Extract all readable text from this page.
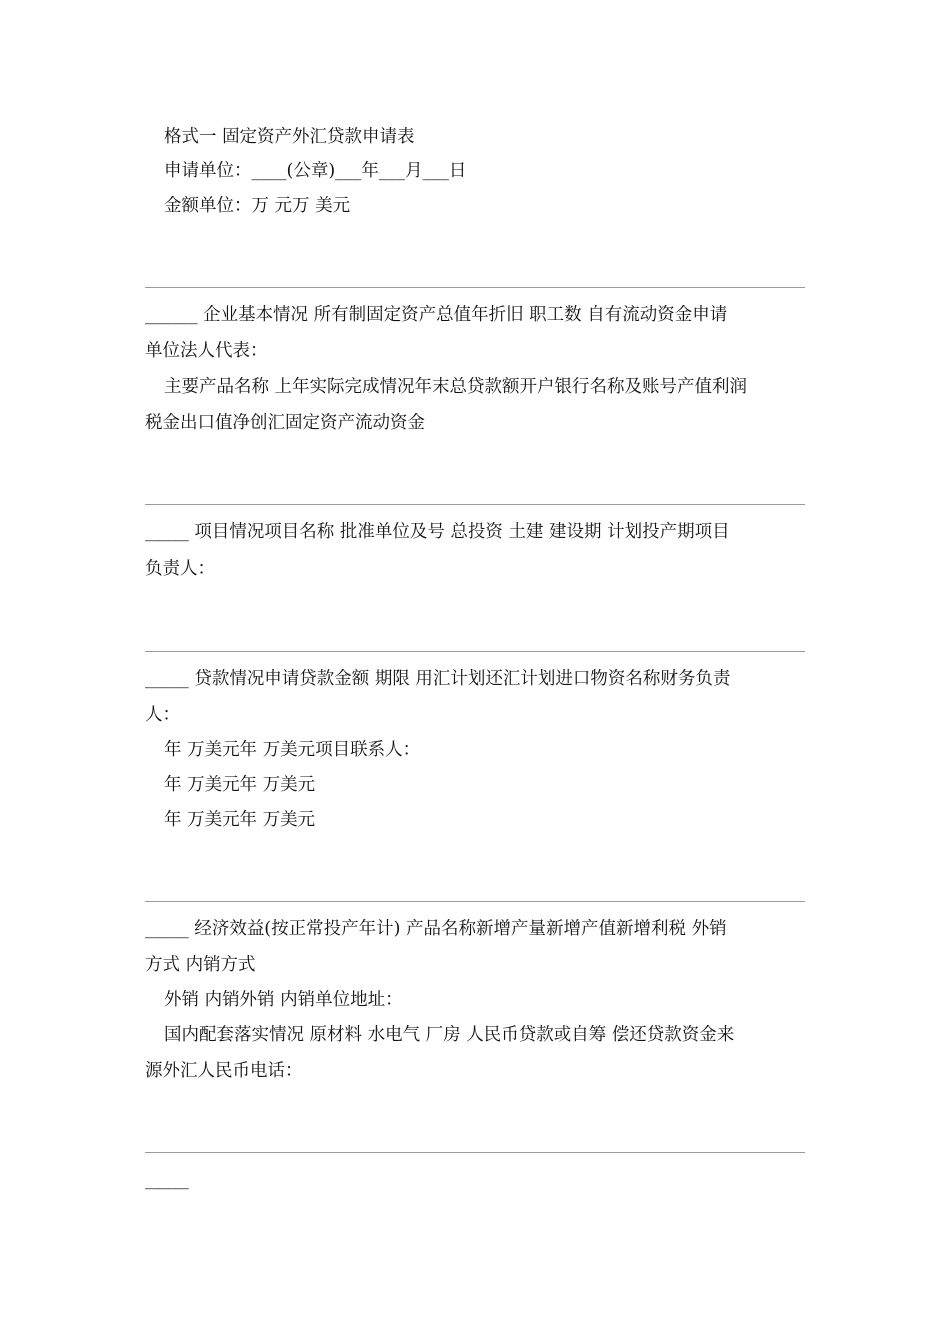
格式一 固定资产外汇贷款申请表
申请单位：____(公章)___年___月___日
金额单位：万 元万 美元
______ 企业基本情况 所有制固定资产总值年折旧 职工数 自有流动资金申请
单位法人代表：
主要产品名称 上年实际完成情况年末总贷款额开户银行名称及账号产值利润
税金出口值净创汇固定资产流动资金
_____ 项目情况项目名称 批准单位及号 总投资 土建 建设期 计划投产期项目
负责人：
_____ 贷款情况申请贷款金额 期限 用汇计划还汇计划进口物资名称财务负责
人：
年 万美元年 万美元项目联系人：
年 万美元年 万美元
年 万美元年 万美元
_____ 经济效益(按正常投产年计) 产品名称新增产量新增产值新增利税 外销
方式 内销方式
外销 内销外销 内销单位地址：
国内配套落实情况 原材料 水电气 厂房 人民币贷款或自筹 偿还贷款资金来
源外汇人民币电话：
_____
